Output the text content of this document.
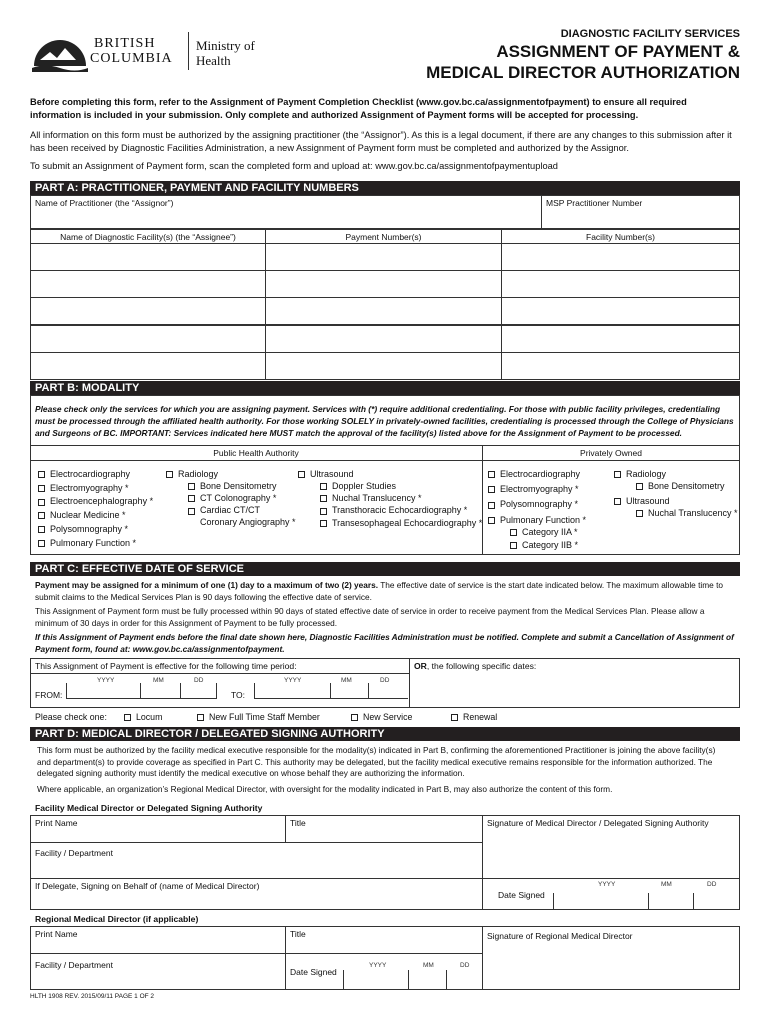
BRITISH
COLUMBIA
Ministry of
Health
DIAGNOSTIC FACILITY SERVICES
ASSIGNMENT OF PAYMENT &
MEDICAL DIRECTOR AUTHORIZATION
Before completing this form, refer to the Assignment of Payment Completion Checklist (www.gov.bc.ca/assignmentofpayment) to ensure all required information is included in your submission. Only complete and authorized Assignment of Payment forms will be accepted for processing.
All information on this form must be authorized by the assigning practitioner (the “Assignor”). As this is a legal document, if there are any changes to this submission after it has been received by Diagnostic Facilities Administration, a new Assignment of Payment form must be completed and authorized by the Assignor.
To submit an Assignment of Payment form, scan the completed form and upload at: www.gov.bc.ca/assignmentofpaymentupload
PART A: PRACTITIONER, PAYMENT AND FACILITY NUMBERS
Name of Practitioner (the “Assignor”)	MSP Practitioner Number
Name of Diagnostic Facility(s) (the “Assignee”)	Payment Number(s)	Facility Number(s)
PART B: MODALITY
Please check only the services for which you are assigning payment. Services with (*) require additional credentialing. For those with public facility privileges, credentialing must be processed through the affiliated health authority. For those working SOLELY in privately-owned facilities, credentialing is processed through the College of Physicians and Surgeons of BC. IMPORTANT: Services indicated here MUST match the approval of the facility(s) listed above for the Assignment of Payment to be processed.
Public Health Authority	Privately Owned
Electrocardiography
Electromyography *
Electroencephalography *
Nuclear Medicine *
Polysomnography *
Pulmonary Function *
Radiology
Bone Densitometry
CT Colonography *
Cardiac CT/CT
Coronary Angiography *
Ultrasound
Doppler Studies
Nuchal Translucency *
Transthoracic Echocardiography *
Transesophageal Echocardiography *
Electrocardiography
Electromyography *
Polysomnography *
Pulmonary Function *
Category IIA *
Category IIB *
Radiology
Bone Densitometry
Ultrasound
Nuchal Translucency *
PART C: EFFECTIVE DATE OF SERVICE
Payment may be assigned for a minimum of one (1) day to a maximum of two (2) years. The effective date of service is the start date indicated below. The maximum allowable time to submit claims to the Medical Services Plan is 90 days following the effective date of service.
This Assignment of Payment form must be fully processed within 90 days of stated effective date of service in order to receive payment from the Medical Services Plan. Please allow a minimum of 30 days in order for this Assignment of Payment to be fully processed.
If this Assignment of Payment ends before the final date shown here, Diagnostic Facilities Administration must be notified. Complete and submit a Cancellation of Assignment of Payment form, found at: www.gov.bc.ca/assignmentofpayment.
This Assignment of Payment is effective for the following time period:	OR, the following specific dates:
YYYY	MM	DD	YYYY	MM	DD
FROM:	TO:
Please check one:	Locum	New Full Time Staff Member	New Service	Renewal
PART D: MEDICAL DIRECTOR / DELEGATED SIGNING AUTHORITY
This form must be authorized by the facility medical executive responsible for the modality(s) indicated in Part B, confirming the aforementioned Practitioner is joining the above facility(s) and department(s) to provide coverage as specified in Part C. This authority may be delegated, but the facility medical executive remains responsible for the information authorized. The delegated signing authority must identify the medical executive on whose behalf they are authorizing the information.
Where applicable, an organization’s Regional Medical Director, with oversight for the modality indicated in Part B, may also authorize the content of this form.
Facility Medical Director or Delegated Signing Authority
Print Name	Title	Signature of Medical Director / Delegated Signing Authority
Facility / Department
If Delegate, Signing on Behalf of (name of Medical Director)
Date Signed
YYYY	MM	DD
Regional Medical Director (if applicable)
Print Name	Title	Signature of Regional Medical Director
Facility / Department
Date Signed
YYYY	MM	DD
HLTH 1908 REV. 2015/09/11 PAGE 1 OF 2
